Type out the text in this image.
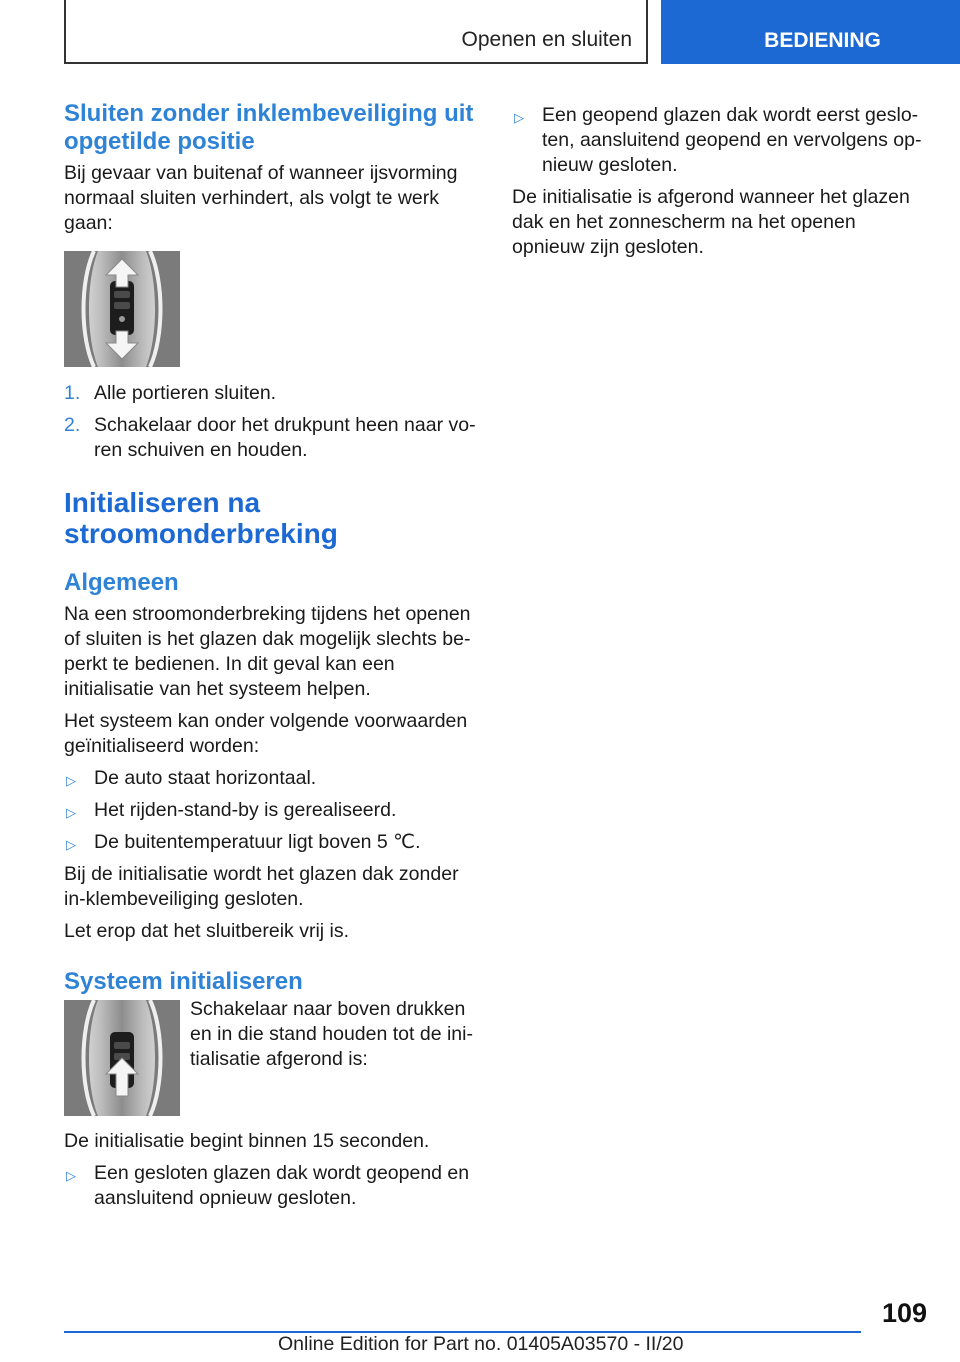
Openen en sluiten	BEDIENING
Sluiten zonder inklembeveiliging uit opgetilde positie

Bij gevaar van buitenaf of wanneer ijsvorming normaal sluiten verhindert, als volgt te werk gaan:

1. Alle portieren sluiten.
2. Schakelaar door het drukpunt heen naar vo-ren schuiven en houden.
Initialiseren na stroomonderbreking
Algemeen

Na een stroomonderbreking tijdens het openen of sluiten is het glazen dak mogelijk slechts be-perkt te bedienen. In dit geval kan een initialisatie van het systeem helpen.

Het systeem kan onder volgende voorwaarden geïnitialiseerd worden:

▷ De auto staat horizontaal.
▷ Het rijden-stand-by is gerealiseerd.
▷ De buitentemperatuur ligt boven 5 ℃.

Bij de initialisatie wordt het glazen dak zonder in-klembeveiliging gesloten.

Let erop dat het sluitbereik vrij is.

Systeem initialiseren

Schakelaar naar boven drukken en in die stand houden tot de ini-tialisatie afgerond is:

De initialisatie begint binnen 15 seconden.

▷ Een gesloten glazen dak wordt geopend en aansluitend opnieuw gesloten.
▷ Een geopend glazen dak wordt eerst geslo-ten, aansluitend geopend en vervolgens op-nieuw gesloten.

De initialisatie is afgerond wanneer het glazen dak en het zonnescherm na het openen opnieuw zijn gesloten.

109
Online Edition for Part no. 01405A03570 - II/20
